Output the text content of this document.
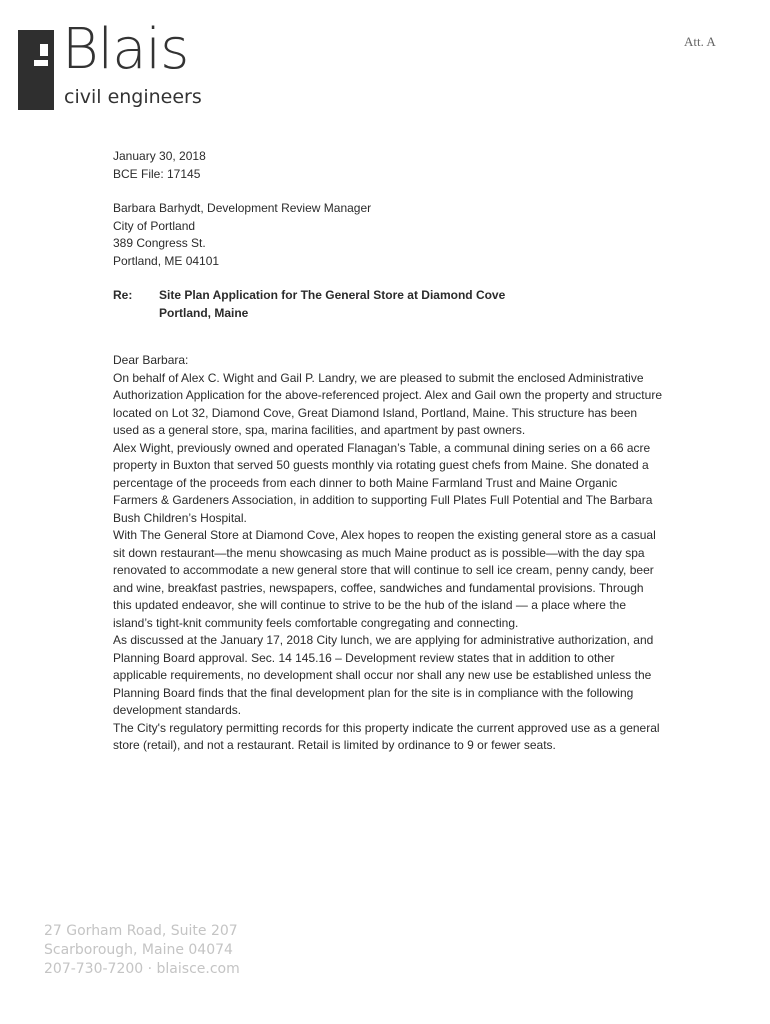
Att. A
Blais
civil engineers

January 30, 2018

BCE File: 17145

Barbara Barhydt, Development Review Manager

City of Portland

389 Congress St.

Portland, ME 04101

Re:	Site Plan Application for The General Store at Diamond Cove

Portland, Maine

Dear Barbara:

On behalf of Alex C. Wight and Gail P. Landry, we are pleased to submit the enclosed Administrative Authorization Application for the above-referenced project. Alex and Gail own the property and structure located on Lot 32, Diamond Cove, Great Diamond Island, Portland, Maine. This structure has been used as a general store, spa, marina facilities, and apartment by past owners.

Alex Wight, previously owned and operated Flanagan’s Table, a communal dining series on a 66 acre property in Buxton that served 50 guests monthly via rotating guest chefs from Maine. She donated a percentage of the proceeds from each dinner to both Maine Farmland Trust and Maine Organic Farmers & Gardeners Association, in addition to supporting Full Plates Full Potential and The Barbara Bush Children’s Hospital.

With The General Store at Diamond Cove, Alex hopes to reopen the existing general store as a casual sit down restaurant—the menu showcasing as much Maine product as is possible—with the day spa renovated to accommodate a new general store that will continue to sell ice cream, penny candy, beer and wine, breakfast pastries, newspapers, coffee, sandwiches and fundamental provisions. Through this updated endeavor, she will continue to strive to be the hub of the island — a place where the island’s tight-knit community feels comfortable congregating and connecting.

As discussed at the January 17, 2018 City lunch, we are applying for administrative authorization, and Planning Board approval. Sec. 14 145.16 – Development review states that in addition to other applicable requirements, no development shall occur nor shall any new use be established unless the Planning Board finds that the final development plan for the site is in compliance with the following development standards.

The City's regulatory permitting records for this property indicate the current approved use as a general store (retail), and not a restaurant. Retail is limited by ordinance to 9 or fewer seats.

27 Gorham Road, Suite 207
Scarborough, Maine 04074
207-730-7200 · blaisce.com
